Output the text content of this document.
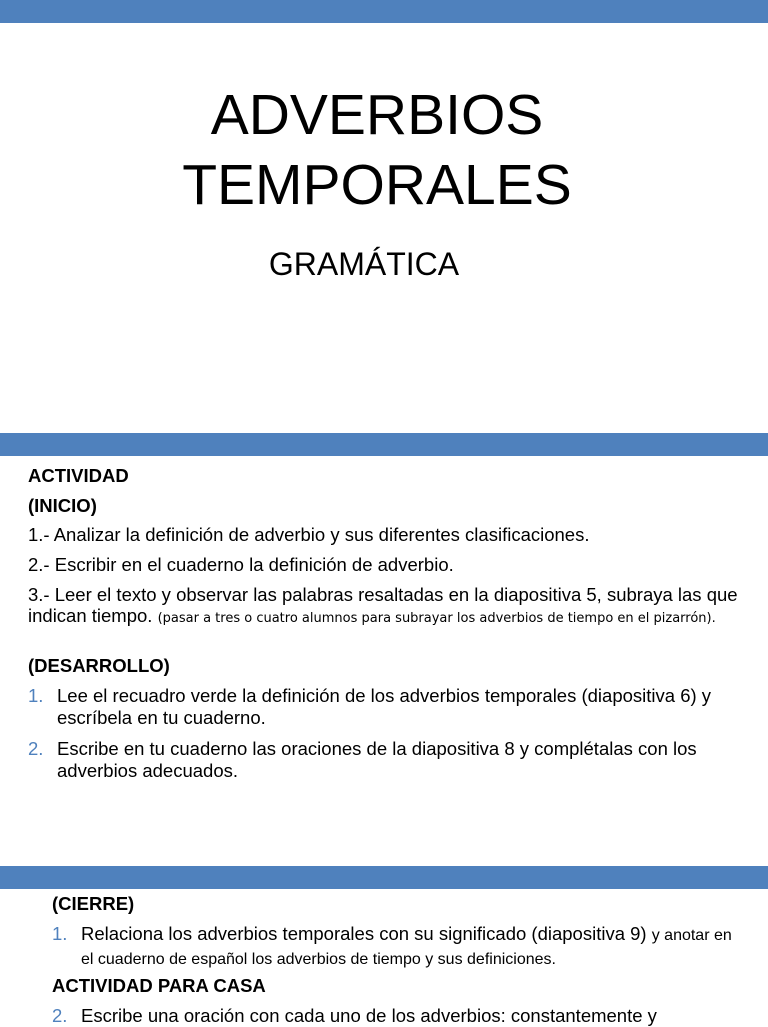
ADVERBIOS
TEMPORALES
GRAMÁTICA
ACTIVIDAD
(INICIO)
1.- Analizar la definición de adverbio y sus diferentes clasificaciones.
2.- Escribir en el cuaderno la definición de adverbio.
3.- Leer el texto y observar las palabras resaltadas en la diapositiva 5, subraya las que indican tiempo. (pasar a tres o cuatro alumnos para subrayar los adverbios de tiempo en el pizarrón).
(DESARROLLO)
1. Lee el recuadro verde la definición de los adverbios temporales (diapositiva 6) y escríbela en tu cuaderno.
2. Escribe en tu cuaderno las oraciones de la diapositiva 8 y complétalas con los adverbios adecuados.
(CIERRE)
1. Relaciona los adverbios temporales con su significado (diapositiva 9) y anotar en el cuaderno de español los adverbios de tiempo y sus definiciones.
ACTIVIDAD PARA CASA
2. Escribe una oración con cada uno de los adverbios: constantemente y
